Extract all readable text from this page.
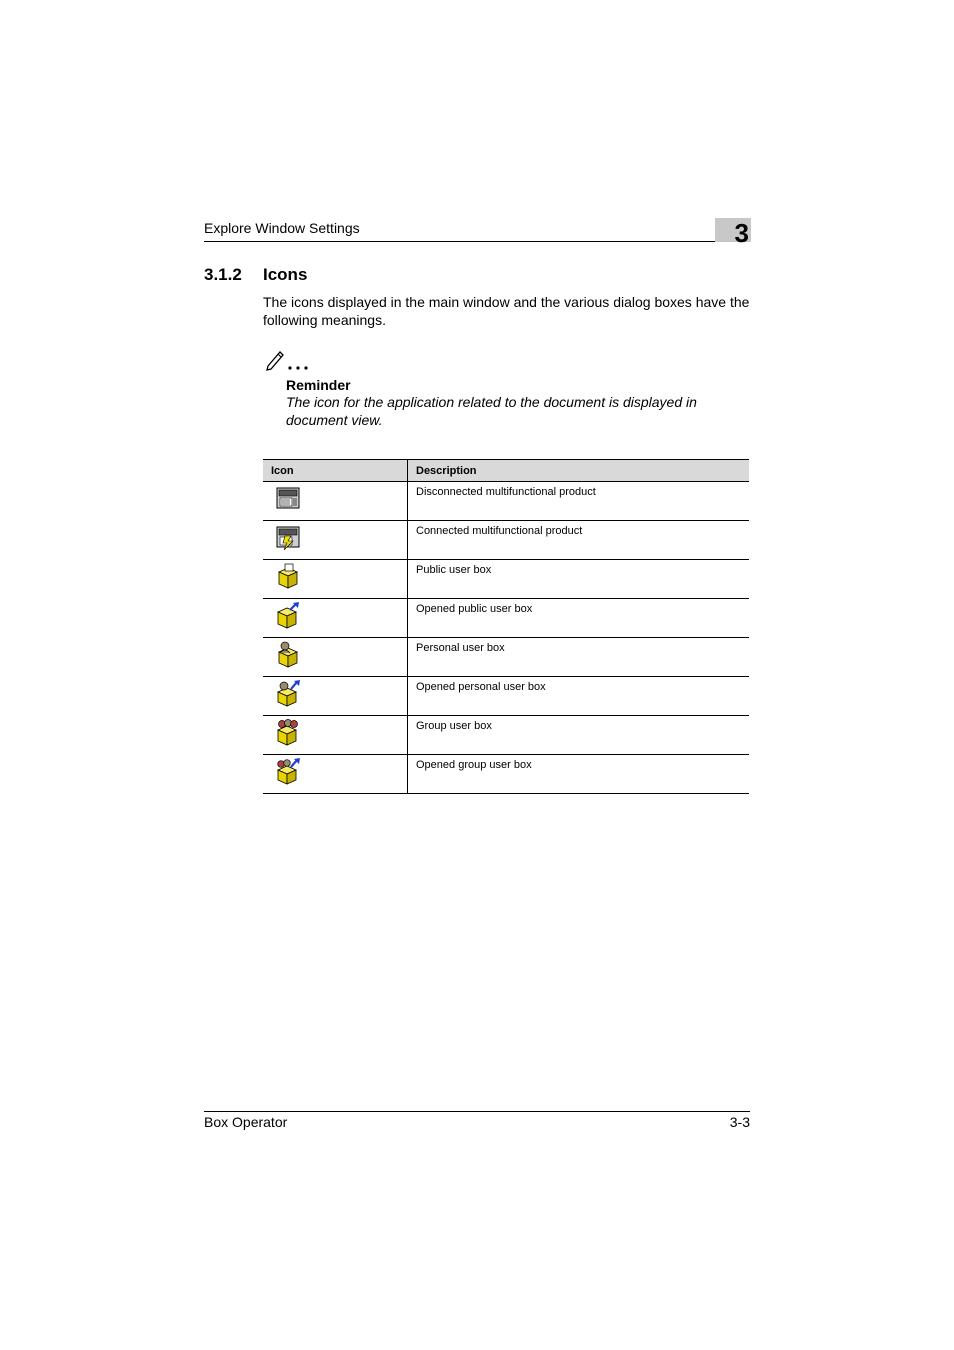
Explore Window Settings	3
3.1.2 Icons
The icons displayed in the main window and the various dialog boxes have the following meanings.
Reminder
The icon for the application related to the document is displayed in document view.
Icon	Description

	Disconnected multifunctional product

	Connected multifunctional product

	Public user box

	Opened public user box

	Personal user box

	Opened personal user box

	Group user box

	Opened group user box
Box Operator	3-3
